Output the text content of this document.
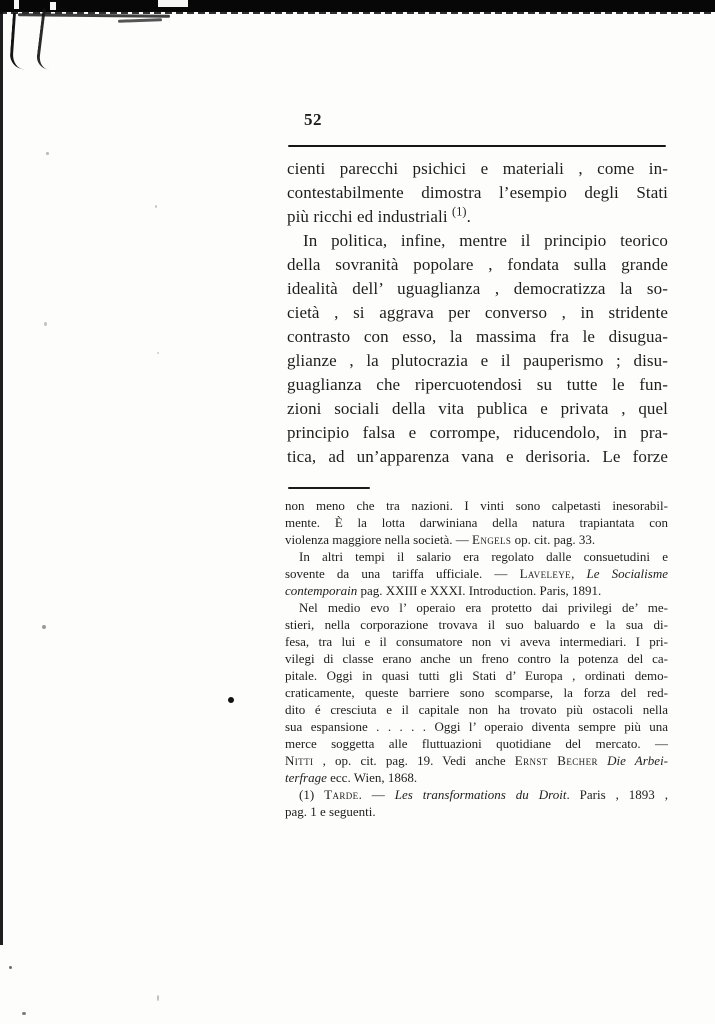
52
cienti parecchi psichici e materiali , come in-
contestabilmente dimostra l’esempio degli Stati
più ricchi ed industriali $^{(1)}$.
In politica, infine, mentre il principio teorico
della sovranità popolare , fondata sulla grande
idealità dell’ uguaglianza , democratizza la so-
cietà , si aggrava per converso , in stridente
contrasto con esso, la massima fra le disugua-
glianze , la plutocrazia e il pauperismo ; disu-
guaglianza che ripercuotendosi su tutte le fun-
zioni sociali della vita publica e privata , quel
principio falsa e corrompe, riducendolo, in pra-
tica, ad un’apparenza vana e derisoria. Le forze
non meno che tra nazioni. I vinti sono calpetasti inesorabil-
mente. È la lotta darwiniana della natura trapiantata con
violenza maggiore nella società. — Engels op. cit. pag. 33.
In altri tempi il salario era regolato dalle consuetudini e
sovente da una tariffa ufficiale. — Laveleye, Le Socialisme
contemporain pag. XXIII e XXXI. Introduction. Paris, 1891.
Nel medio evo l’ operaio era protetto dai privilegi de’ me-
stieri, nella corporazione trovava il suo baluardo e la sua di-
fesa, tra lui e il consumatore non vi aveva intermediari. I pri-
vilegi di classe erano anche un freno contro la potenza del ca-
pitale. Oggi in quasi tutti gli Stati d’ Europa , ordinati demo-
craticamente, queste barriere sono scomparse, la forza del red-
dito é cresciuta e il capitale non ha trovato più ostacoli nella
sua espansione . . . . . Oggi l’ operaio diventa sempre più una
merce soggetta alle fluttuazioni quotidiane del mercato. —
Nitti , op. cit. pag. 19. Vedi anche Ernst Becher Die Arbei-
terfrage ecc. Wien, 1868.
(1) Tarde. — Les transformations du Droit. Paris , 1893 ,
pag. 1 e seguenti.
